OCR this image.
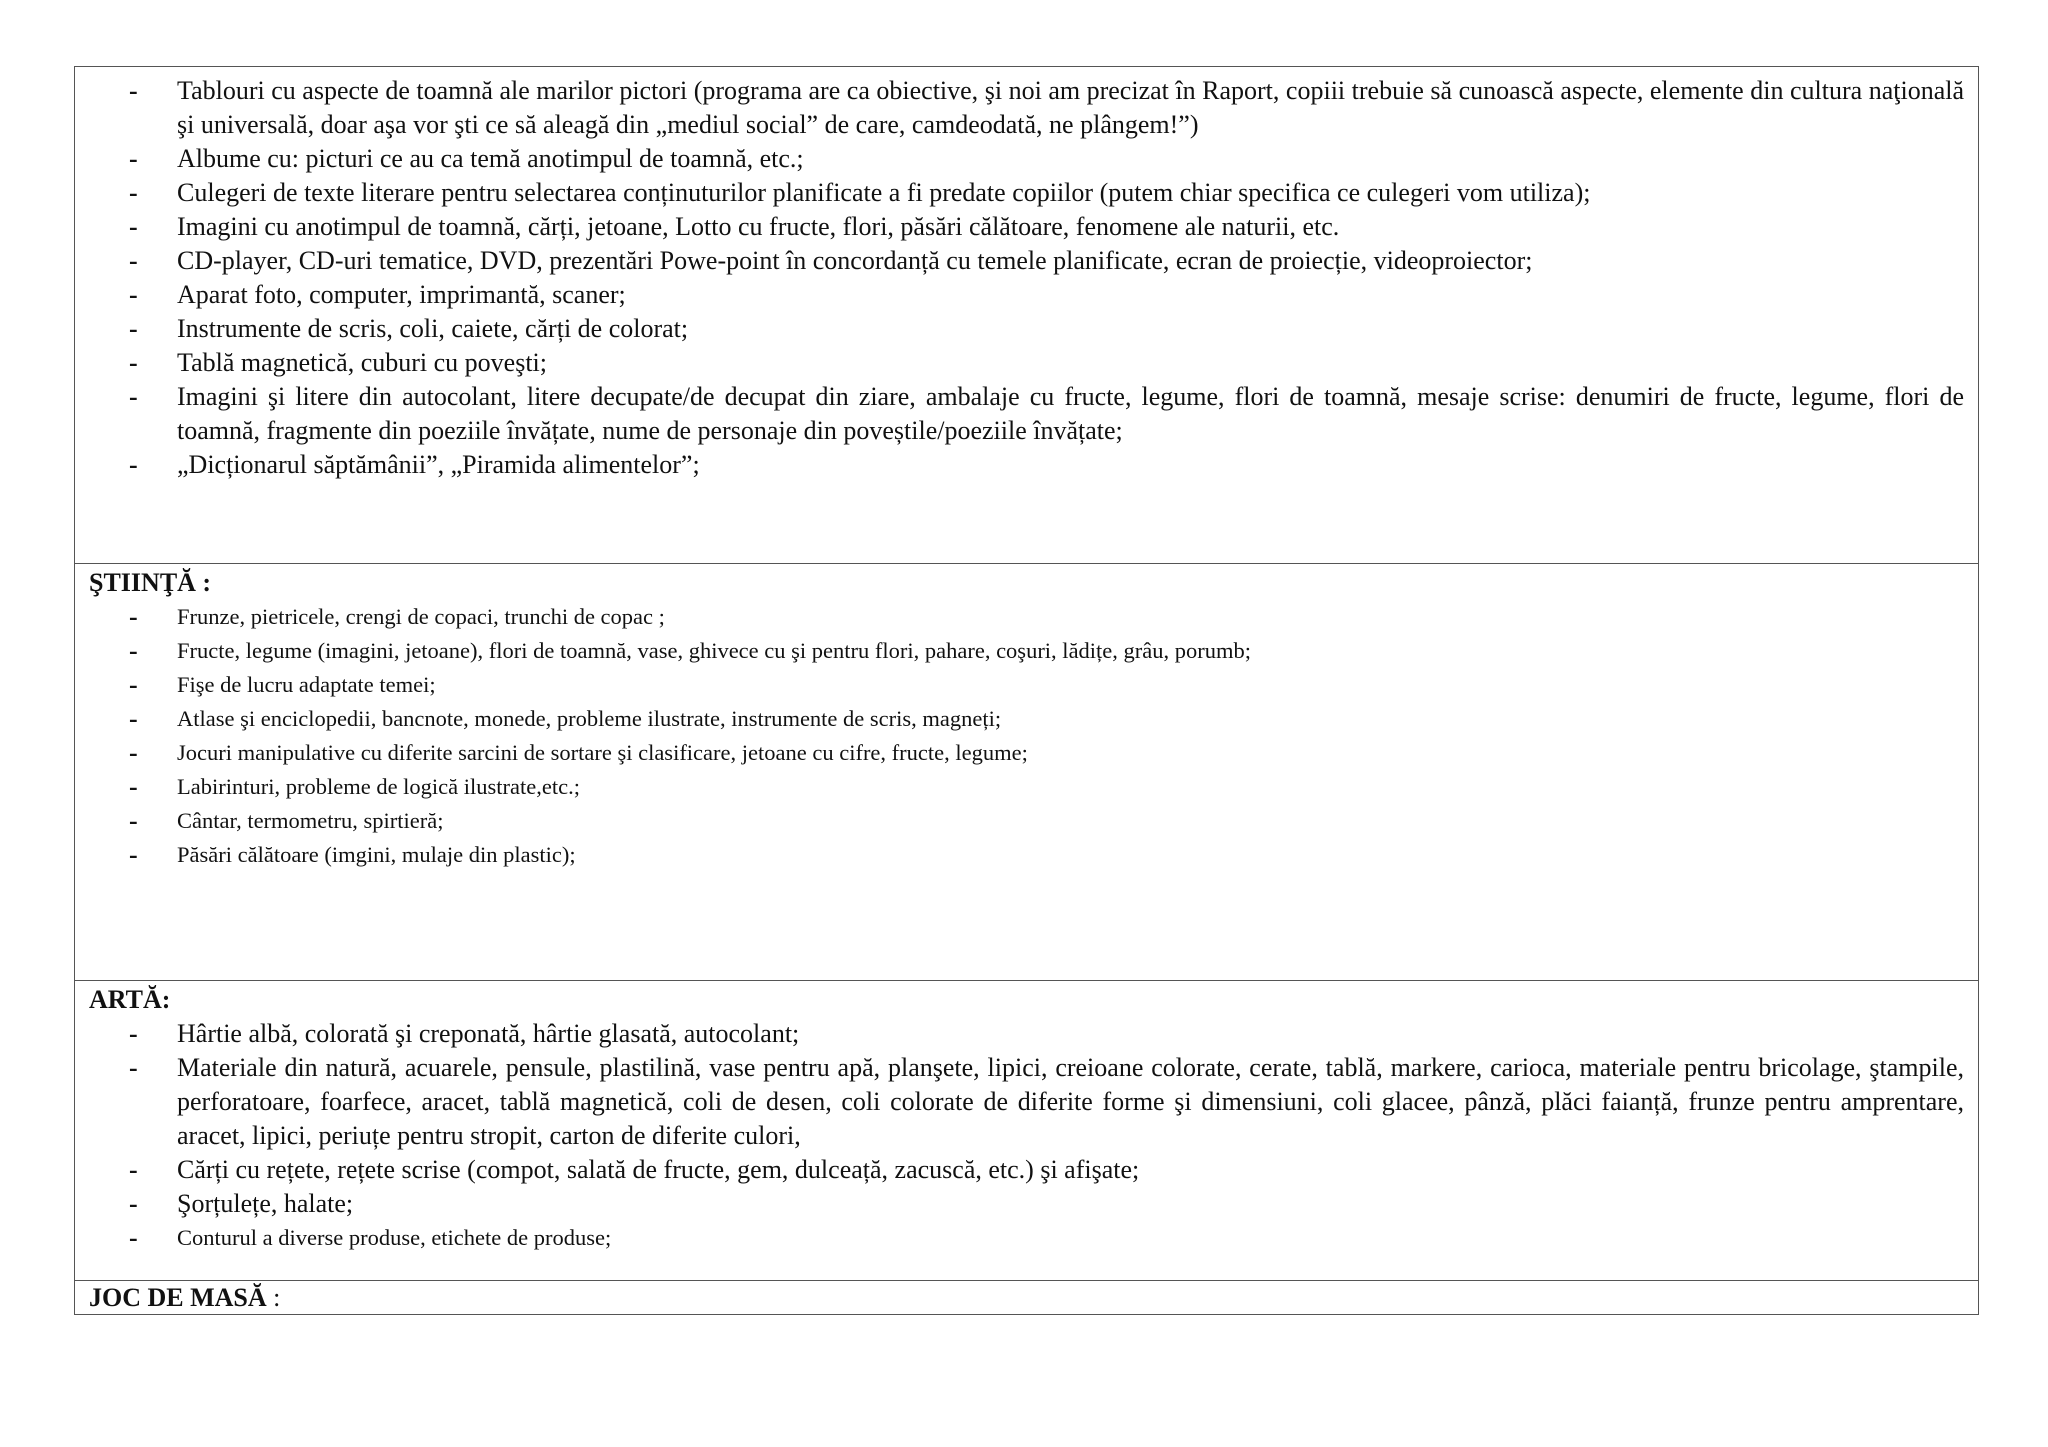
- Tablouri cu aspecte de toamnă ale marilor pictori (programa are ca obiective, şi noi am precizat în Raport, copiii trebuie să cunoască aspecte, elemente din cultura naţională şi universală, doar aşa vor şti ce să aleagă din „mediul social” de care, camdeodată, ne plângem!”)
- Albume cu: picturi ce au ca temă anotimpul de toamnă, etc.;
- Culegeri de texte literare pentru selectarea conținuturilor planificate a fi predate copiilor (putem chiar specifica ce culegeri vom utiliza);
- Imagini cu anotimpul de toamnă, cărți, jetoane, Lotto cu fructe, flori, păsări călătoare, fenomene ale naturii, etc.
- CD-player, CD-uri tematice, DVD, prezentări Powe-point în concordanță cu temele planificate, ecran de proiecție, videoproiector;
- Aparat foto, computer, imprimantă, scaner;
- Instrumente de scris, coli, caiete, cărți de colorat;
- Tablă magnetică, cuburi cu poveşti;
- Imagini şi litere din autocolant, litere decupate/de decupat din ziare, ambalaje cu fructe, legume, flori de toamnă, mesaje scrise: denumiri de fructe, legume, flori de toamnă, fragmente din poeziile învățate, nume de personaje din poveștile/poeziile învățate;
- „Dicționarul săptămânii”, „Piramida alimentelor”;

ŞTIINŢĂ :

- Frunze, pietricele, crengi de copaci, trunchi de copac ;
- Fructe, legume (imagini, jetoane), flori de toamnă, vase, ghivece cu şi pentru flori, pahare, coşuri, lădițe, grâu, porumb;
- Fişe de lucru adaptate temei;
- Atlase şi enciclopedii, bancnote, monede, probleme ilustrate, instrumente de scris, magneți;
- Jocuri manipulative cu diferite sarcini de sortare şi clasificare, jetoane cu cifre, fructe, legume;
- Labirinturi, probleme de logică ilustrate,etc.;
- Cântar, termometru, spirtieră;
- Păsări călătoare (imgini, mulaje din plastic);

ARTĂ:

- Hârtie albă, colorată şi creponată, hârtie glasată, autocolant;
- Materiale din natură, acuarele, pensule, plastilină, vase pentru apă, planşete, lipici, creioane colorate, cerate, tablă, markere, carioca, materiale pentru bricolage, ştampile, perforatoare, foarfece, aracet, tablă magnetică, coli de desen, coli colorate de diferite forme şi dimensiuni, coli glacee, pânză, plăci faianță, frunze pentru amprentare, aracet, lipici, periuțe pentru stropit, carton de diferite culori,
- Cărți cu rețete, rețete scrise (compot, salată de fructe, gem, dulceață, zacuscă, etc.) şi afişate;
- Şorțulețe, halate;
- Conturul a diverse produse, etichete de produse;

JOC DE MASĂ :
